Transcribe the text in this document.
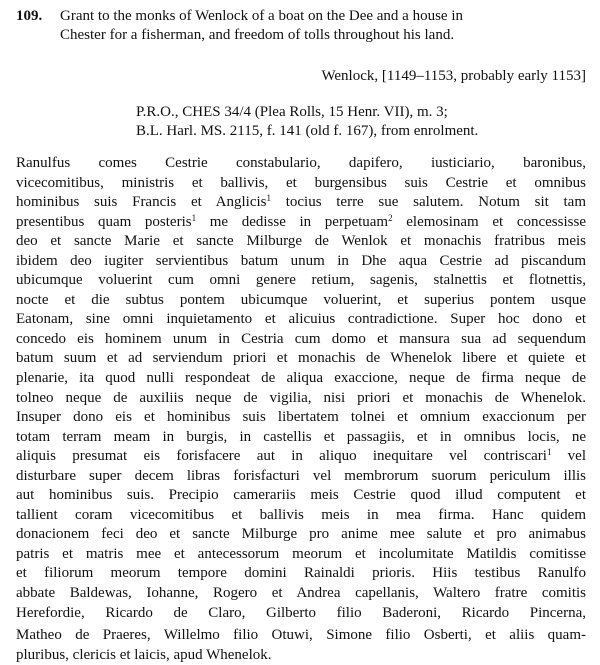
109. Grant to the monks of Wenlock of a boat on the Dee and a house in
Chester for a fisherman, and freedom of tolls throughout his land.
Wenlock, [1149–1153, probably early 1153]
P.R.O., CHES 34/4 (Plea Rolls, 15 Henr. VII), m. 3;
B.L. Harl. MS. 2115, f. 141 (old f. 167), from enrolment.
Ranulfus comes Cestrie constabulario, dapifero, iusticiario, baronibus,
vicecomitibus, ministris et ballivis, et burgensibus suis Cestrie et omnibus
hominibus suis Francis et Anglicis$^1$ tocius terre sue salutem. Notum sit tam
presentibus quam posteris$^1$ me dedisse in perpetuam$^2$ elemosinam et concessisse
deo et sancte Marie et sancte Milburge de Wenlok et monachis fratribus meis
ibidem deo iugiter servientibus batum unum in Dhe aqua Cestrie ad piscandum
ubicumque voluerint cum omni genere retium, sagenis, stalnettis et flotnettis,
nocte et die subtus pontem ubicumque voluerint, et superius pontem usque
Eatonam, sine omni inquietamento et alicuius contradictione. Super hoc dono et
concedo eis hominem unum in Cestria cum domo et mansura sua ad sequendum
batum suum et ad serviendum priori et monachis de Whenelok libere et quiete et
plenarie, ita quod nulli respondeat de aliqua exaccione, neque de firma neque de
tolneo neque de auxiliis neque de vigilia, nisi priori et monachis de Whenelok.
Insuper dono eis et hominibus suis libertatem tolnei et omnium exaccionum per
totam terram meam in burgis, in castellis et passagiis, et in omnibus locis, ne
aliquis presumat eis forisfacere aut in aliquo inequitare vel contriscari$^1$ vel
disturbare super decem libras forisfacturi vel membrorum suorum periculum illis
aut hominibus suis. Precipio camerariis meis Cestrie quod illud computent et
tallient coram vicecomitibus et ballivis meis in mea firma. Hanc quidem
donacionem feci deo et sancte Milburge pro anime mee salute et pro animabus
patris et matris mee et antecessorum meorum et incolumitate Matildis comitisse
et filiorum meorum tempore domini Rainaldi prioris. Hiis testibus Ranulfo
abbate Baldewas, Iohanne, Rogero et Andrea capellanis, Waltero fratre comitis
Herefordie, Ricardo de Claro, Gilberto filio Baderoni, Ricardo Pincerna,
Matheo de Praeres, Willelmo filio Otuwi, Simone filio Osberti, et aliis quam-
pluribus, clericis et laicis, apud Whenelok.
